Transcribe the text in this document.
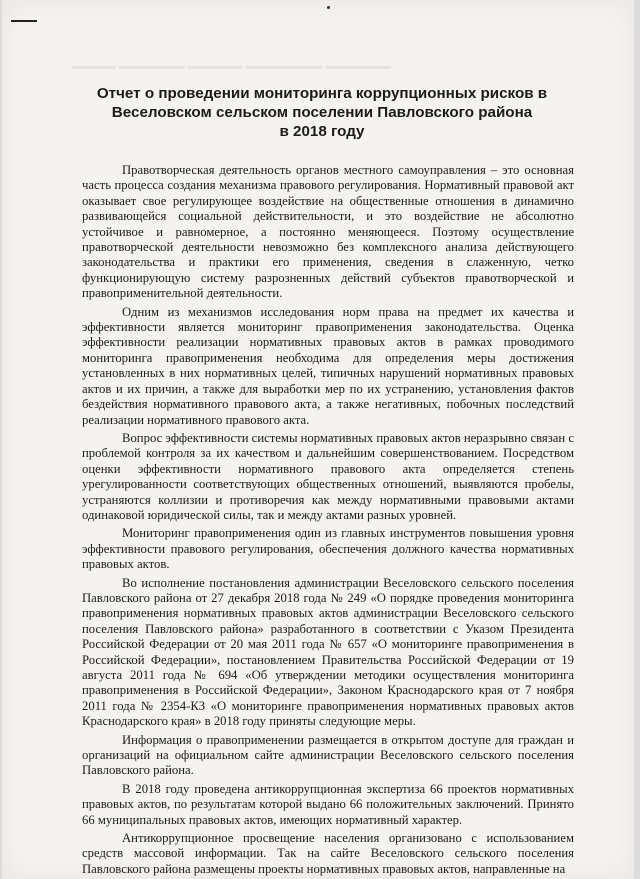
▬▬▬▬ ▬▬▬▬▬▬ ▬▬▬▬▬ ▬▬▬▬▬▬▬ ▬▬▬▬▬▬
Отчет о проведении мониторинга коррупционных рисков в
Веселовском сельском поселении Павловского района
в 2018 году

Правотворческая деятельность органов местного самоуправления – это основная часть процесса создания механизма правового регулирования. Нормативный правовой акт оказывает свое регулирующее воздействие на общественные отношения в динамично развивающейся социальной действительности, и это воздействие не абсолютно устойчивое и равномерное, а постоянно меняющееся. Поэтому осуществление правотворческой деятельности невозможно без комплексного анализа действующего законодательства и практики его применения, сведения в слаженную, четко функционирующую систему разрозненных действий субъектов правотворческой и правоприменительной деятельности.

Одним из механизмов исследования норм права на предмет их качества и эффективности является мониторинг правоприменения законодательства. Оценка эффективности реализации нормативных правовых актов в рамках проводимого мониторинга правоприменения необходима для определения меры достижения установленных в них нормативных целей, типичных нарушений нормативных правовых актов и их причин, а также для выработки мер по их устранению, установления фактов бездействия нормативного правового акта, а также негативных, побочных последствий реализации нормативного правового акта.

Вопрос эффективности системы нормативных правовых актов неразрывно связан с проблемой контроля за их качеством и дальнейшим совершенствованием. Посредством оценки эффективности нормативного правового акта определяется степень урегулированности соответствующих общественных отношений, выявляются пробелы, устраняются коллизии и противоречия как между нормативными правовыми актами одинаковой юридической силы, так и между актами разных уровней.

Мониторинг правоприменения один из главных инструментов повышения уровня эффективности правового регулирования, обеспечения должного качества нормативных правовых актов.

Во исполнение постановления администрации Веселовского сельского поселения Павловского района от 27 декабря 2018 года № 249 «О порядке проведения мониторинга правоприменения нормативных правовых актов администрации Веселовского сельского поселения Павловского района» разработанного в соответствии с Указом Президента Российской Федерации от 20 мая 2011 года № 657 «О мониторинге правоприменения в Российской Федерации», постановлением Правительства Российской Федерации от 19 августа 2011 года № 694 «Об утверждении методики осуществления мониторинга правоприменения в Российской Федерации», Законом Краснодарского края от 7 ноября 2011 года № 2354-КЗ «О мониторинге правоприменения нормативных правовых актов Краснодарского края» в 2018 году приняты следующие меры.

Информация о правоприменении размещается в открытом доступе для граждан и организаций на официальном сайте администрации Веселовского сельского поселения Павловского района.

В 2018 году проведена антикоррупционная экспертиза 66 проектов нормативных правовых актов, по результатам которой выдано 66 положительных заключений. Принято 66 муниципальных правовых актов, имеющих нормативный характер.

Антикоррупционное просвещение населения организовано с использованием средств массовой информации. Так на сайте Веселовского сельского поселения Павловского района размещены проекты нормативных правовых актов, направленные на
